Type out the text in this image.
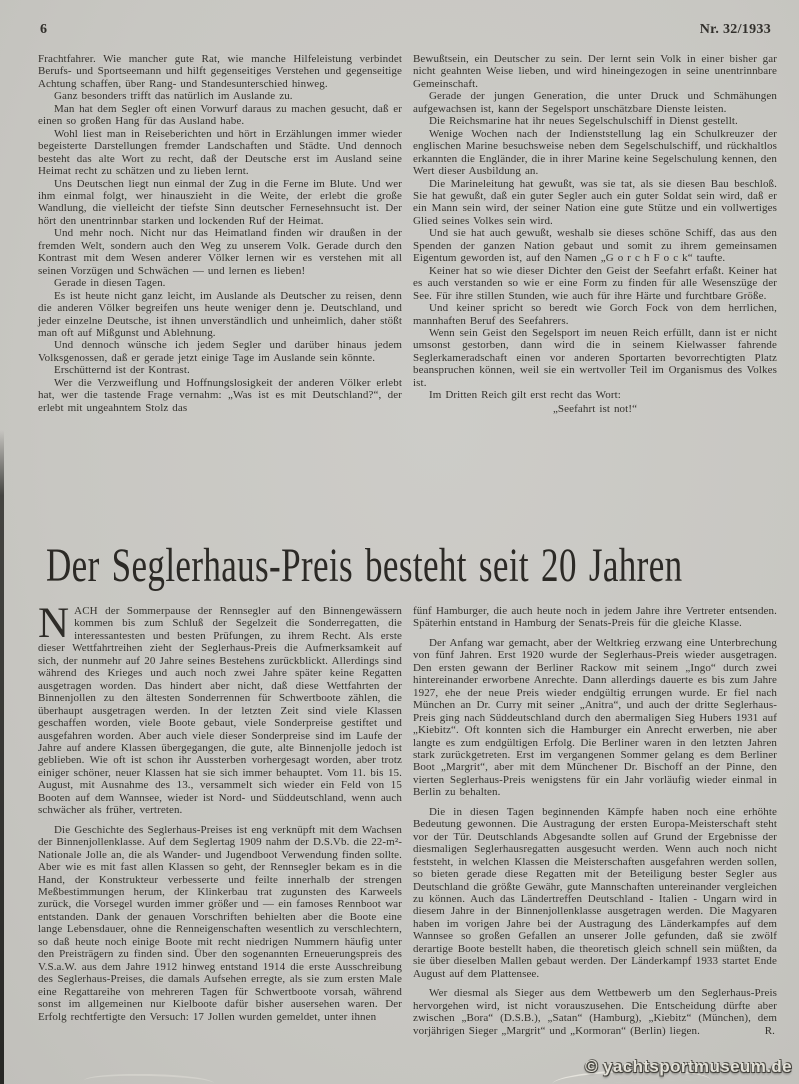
6	Nr. 32/1933

Frachtfahrer. Wie mancher gute Rat, wie manche Hilfeleistung verbindet Berufs- und Sportseemann und hilft gegenseitiges Verstehen und gegenseitige Achtung schaffen, über Rang- und Standesunterschied hinweg.

Ganz besonders trifft das natürlich im Auslande zu.

Man hat dem Segler oft einen Vorwurf daraus zu machen gesucht, daß er einen so großen Hang für das Ausland habe.

Wohl liest man in Reiseberichten und hört in Erzählungen immer wieder begeisterte Darstellungen fremder Landschaften und Städte. Und dennoch besteht das alte Wort zu recht, daß der Deutsche erst im Ausland seine Heimat recht zu schätzen und zu lieben lernt.

Uns Deutschen liegt nun einmal der Zug in die Ferne im Blute. Und wer ihm einmal folgt, wer hinauszieht in die Weite, der erlebt die große Wandlung, die vielleicht der tiefste Sinn deutscher Fernesehnsucht ist. Der hört den unentrinnbar starken und lockenden Ruf der Heimat.

Und mehr noch. Nicht nur das Heimatland finden wir draußen in der fremden Welt, sondern auch den Weg zu unserem Volk. Gerade durch den Kontrast mit dem Wesen anderer Völker lernen wir es verstehen mit all seinen Vorzügen und Schwächen — und lernen es lieben!

Gerade in diesen Tagen.

Es ist heute nicht ganz leicht, im Auslande als Deutscher zu reisen, denn die anderen Völker begreifen uns heute weniger denn je. Deutschland, und jeder einzelne Deutsche, ist ihnen unverständlich und unheimlich, daher stößt man oft auf Mißgunst und Ablehnung.

Und dennoch wünsche ich jedem Segler und darüber hinaus jedem Volksgenossen, daß er gerade jetzt einige Tage im Auslande sein könnte.

Erschütternd ist der Kontrast.

Wer die Verzweiflung und Hoffnungslosigkeit der anderen Völker erlebt hat, wer die tastende Frage vernahm: „Was ist es mit Deutschland?“, der erlebt mit ungeahntem Stolz das

Bewußtsein, ein Deutscher zu sein. Der lernt sein Volk in einer bisher gar nicht geahnten Weise lieben, und wird hineingezogen in seine unentrinnbare Gemeinschaft.

Gerade der jungen Generation, die unter Druck und Schmähungen aufgewachsen ist, kann der Segelsport unschätzbare Dienste leisten.

Die Reichsmarine hat ihr neues Segelschulschiff in Dienst gestellt.

Wenige Wochen nach der Indienststellung lag ein Schulkreuzer der englischen Marine besuchsweise neben dem Segelschulschiff, und rückhaltlos erkannten die Engländer, die in ihrer Marine keine Segelschulung kennen, den Wert dieser Ausbildung an.

Die Marineleitung hat gewußt, was sie tat, als sie diesen Bau beschloß. Sie hat gewußt, daß ein guter Segler auch ein guter Soldat sein wird, daß er ein Mann sein wird, der seiner Nation eine gute Stütze und ein vollwertiges Glied seines Volkes sein wird.

Und sie hat auch gewußt, weshalb sie dieses schöne Schiff, das aus den Spenden der ganzen Nation gebaut und somit zu ihrem gemeinsamen Eigentum geworden ist, auf den Namen „G o r c h F o c k“ taufte.

Keiner hat so wie dieser Dichter den Geist der Seefahrt erfaßt. Keiner hat es auch verstanden so wie er eine Form zu finden für alle Wesenszüge der See. Für ihre stillen Stunden, wie auch für ihre Härte und furchtbare Größe.

Und keiner spricht so beredt wie Gorch Fock von dem herrlichen, mannhaften Beruf des Seefahrers.

Wenn sein Geist den Segelsport im neuen Reich erfüllt, dann ist er nicht umsonst gestorben, dann wird die in seinem Kielwasser fahrende Seglerkameradschaft einen vor anderen Sportarten bevorrechtigten Platz beanspruchen können, weil sie ein wertvoller Teil im Organismus des Volkes ist.

Im Dritten Reich gilt erst recht das Wort:

„Seefahrt ist not!“

Der Seglerhaus-Preis besteht seit 20 Jahren

NACH der Sommerpause der Rennsegler auf den Binnengewässern kommen bis zum Schluß der Segelzeit die Sonderregatten, die interessantesten und besten Prüfungen, zu ihrem Recht. Als erste dieser Wettfahrtreihen zieht der Seglerhaus-Preis die Aufmerksamkeit auf sich, der nunmehr auf 20 Jahre seines Bestehens zurückblickt. Allerdings sind während des Krieges und auch noch zwei Jahre später keine Regatten ausgetragen worden. Das hindert aber nicht, daß diese Wettfahrten der Binnenjollen zu den ältesten Sonderrennen für Schwertboote zählen, die überhaupt ausgetragen werden. In der letzten Zeit sind viele Klassen geschaffen worden, viele Boote gebaut, viele Sonderpreise gestiftet und ausgefahren worden. Aber auch viele dieser Sonderpreise sind im Laufe der Jahre auf andere Klassen übergegangen, die gute, alte Binnenjolle jedoch ist geblieben. Wie oft ist schon ihr Aussterben vorhergesagt worden, aber trotz einiger schöner, neuer Klassen hat sie sich immer behauptet. Vom 11. bis 15. August, mit Ausnahme des 13., versammelt sich wieder ein Feld von 15 Booten auf dem Wannsee, wieder ist Nord- und Süddeutschland, wenn auch schwächer als früher, vertreten.

Die Geschichte des Seglerhaus-Preises ist eng verknüpft mit dem Wachsen der Binnenjollenklasse. Auf dem Seglertag 1909 nahm der D.S.Vb. die 22-m²-Nationale Jolle an, die als Wander- und Jugendboot Verwendung finden sollte. Aber wie es mit fast allen Klassen so geht, der Rennsegler bekam es in die Hand, der Konstrukteur verbesserte und feilte innerhalb der strengen Meßbestimmungen herum, der Klinkerbau trat zugunsten des Karweels zurück, die Vorsegel wurden immer größer und — ein famoses Rennboot war entstanden. Dank der genauen Vorschriften behielten aber die Boote eine lange Lebensdauer, ohne die Renneigenschaften wesentlich zu verschlechtern, so daß heute noch einige Boote mit recht niedrigen Nummern häufig unter den Preisträgern zu finden sind. Über den sogenannten Erneuerungspreis des V.S.a.W. aus dem Jahre 1912 hinweg entstand 1914 die erste Ausschreibung des Seglerhaus-Preises, die damals Aufsehen erregte, als sie zum ersten Male eine Regattareihe von mehreren Tagen für Schwertboote vorsah, während sonst im allgemeinen nur Kielboote dafür bisher ausersehen waren. Der Erfolg rechtfertigte den Versuch: 17 Jollen wurden gemeldet, unter ihnen

fünf Hamburger, die auch heute noch in jedem Jahre ihre Vertreter entsenden. Späterhin entstand in Hamburg der Senats-Preis für die gleiche Klasse.

Der Anfang war gemacht, aber der Weltkrieg erzwang eine Unterbrechung von fünf Jahren. Erst 1920 wurde der Seglerhaus-Preis wieder ausgetragen. Den ersten gewann der Berliner Rackow mit seinem „Ingo“ durch zwei hintereinander erworbene Anrechte. Dann allerdings dauerte es bis zum Jahre 1927, ehe der neue Preis wieder endgültig errungen wurde. Er fiel nach München an Dr. Curry mit seiner „Anitra“, und auch der dritte Seglerhaus-Preis ging nach Süddeutschland durch den abermaligen Sieg Hubers 1931 auf „Kiebitz“. Oft konnten sich die Hamburger ein Anrecht erwerben, nie aber langte es zum endgültigen Erfolg. Die Berliner waren in den letzten Jahren stark zurückgetreten. Erst im vergangenen Sommer gelang es dem Berliner Boot „Margrit“, aber mit dem Münchener Dr. Bischoff an der Pinne, den vierten Seglerhaus-Preis wenigstens für ein Jahr vorläufig wieder einmal in Berlin zu behalten.

Die in diesen Tagen beginnenden Kämpfe haben noch eine erhöhte Bedeutung gewonnen. Die Austragung der ersten Europa-Meisterschaft steht vor der Tür. Deutschlands Abgesandte sollen auf Grund der Ergebnisse der diesmaligen Seglerhausregatten ausgesucht werden. Wenn auch noch nicht feststeht, in welchen Klassen die Meisterschaften ausgefahren werden sollen, so bieten gerade diese Regatten mit der Beteiligung bester Segler aus Deutschland die größte Gewähr, gute Mannschaften untereinander vergleichen zu können. Auch das Ländertreffen Deutschland - Italien - Ungarn wird in diesem Jahre in der Binnenjollenklasse ausgetragen werden. Die Magyaren haben im vorigen Jahre bei der Austragung des Länderkampfes auf dem Wannsee so großen Gefallen an unserer Jolle gefunden, daß sie zwölf derartige Boote bestellt haben, die theoretisch gleich schnell sein müßten, da sie über dieselben Mallen gebaut werden. Der Länderkampf 1933 startet Ende August auf dem Plattensee.

Wer diesmal als Sieger aus dem Wettbewerb um den Seglerhaus-Preis hervorgehen wird, ist nicht vorauszusehen. Die Entscheidung dürfte aber zwischen „Bora“ (D.S.B.), „Satan“ (Hamburg), „Kiebitz“ (München), dem vorjährigen Sieger „Margrit“ und „Kormoran“ (Berlin) liegen.	R.

© yachtsportmuseum.de
